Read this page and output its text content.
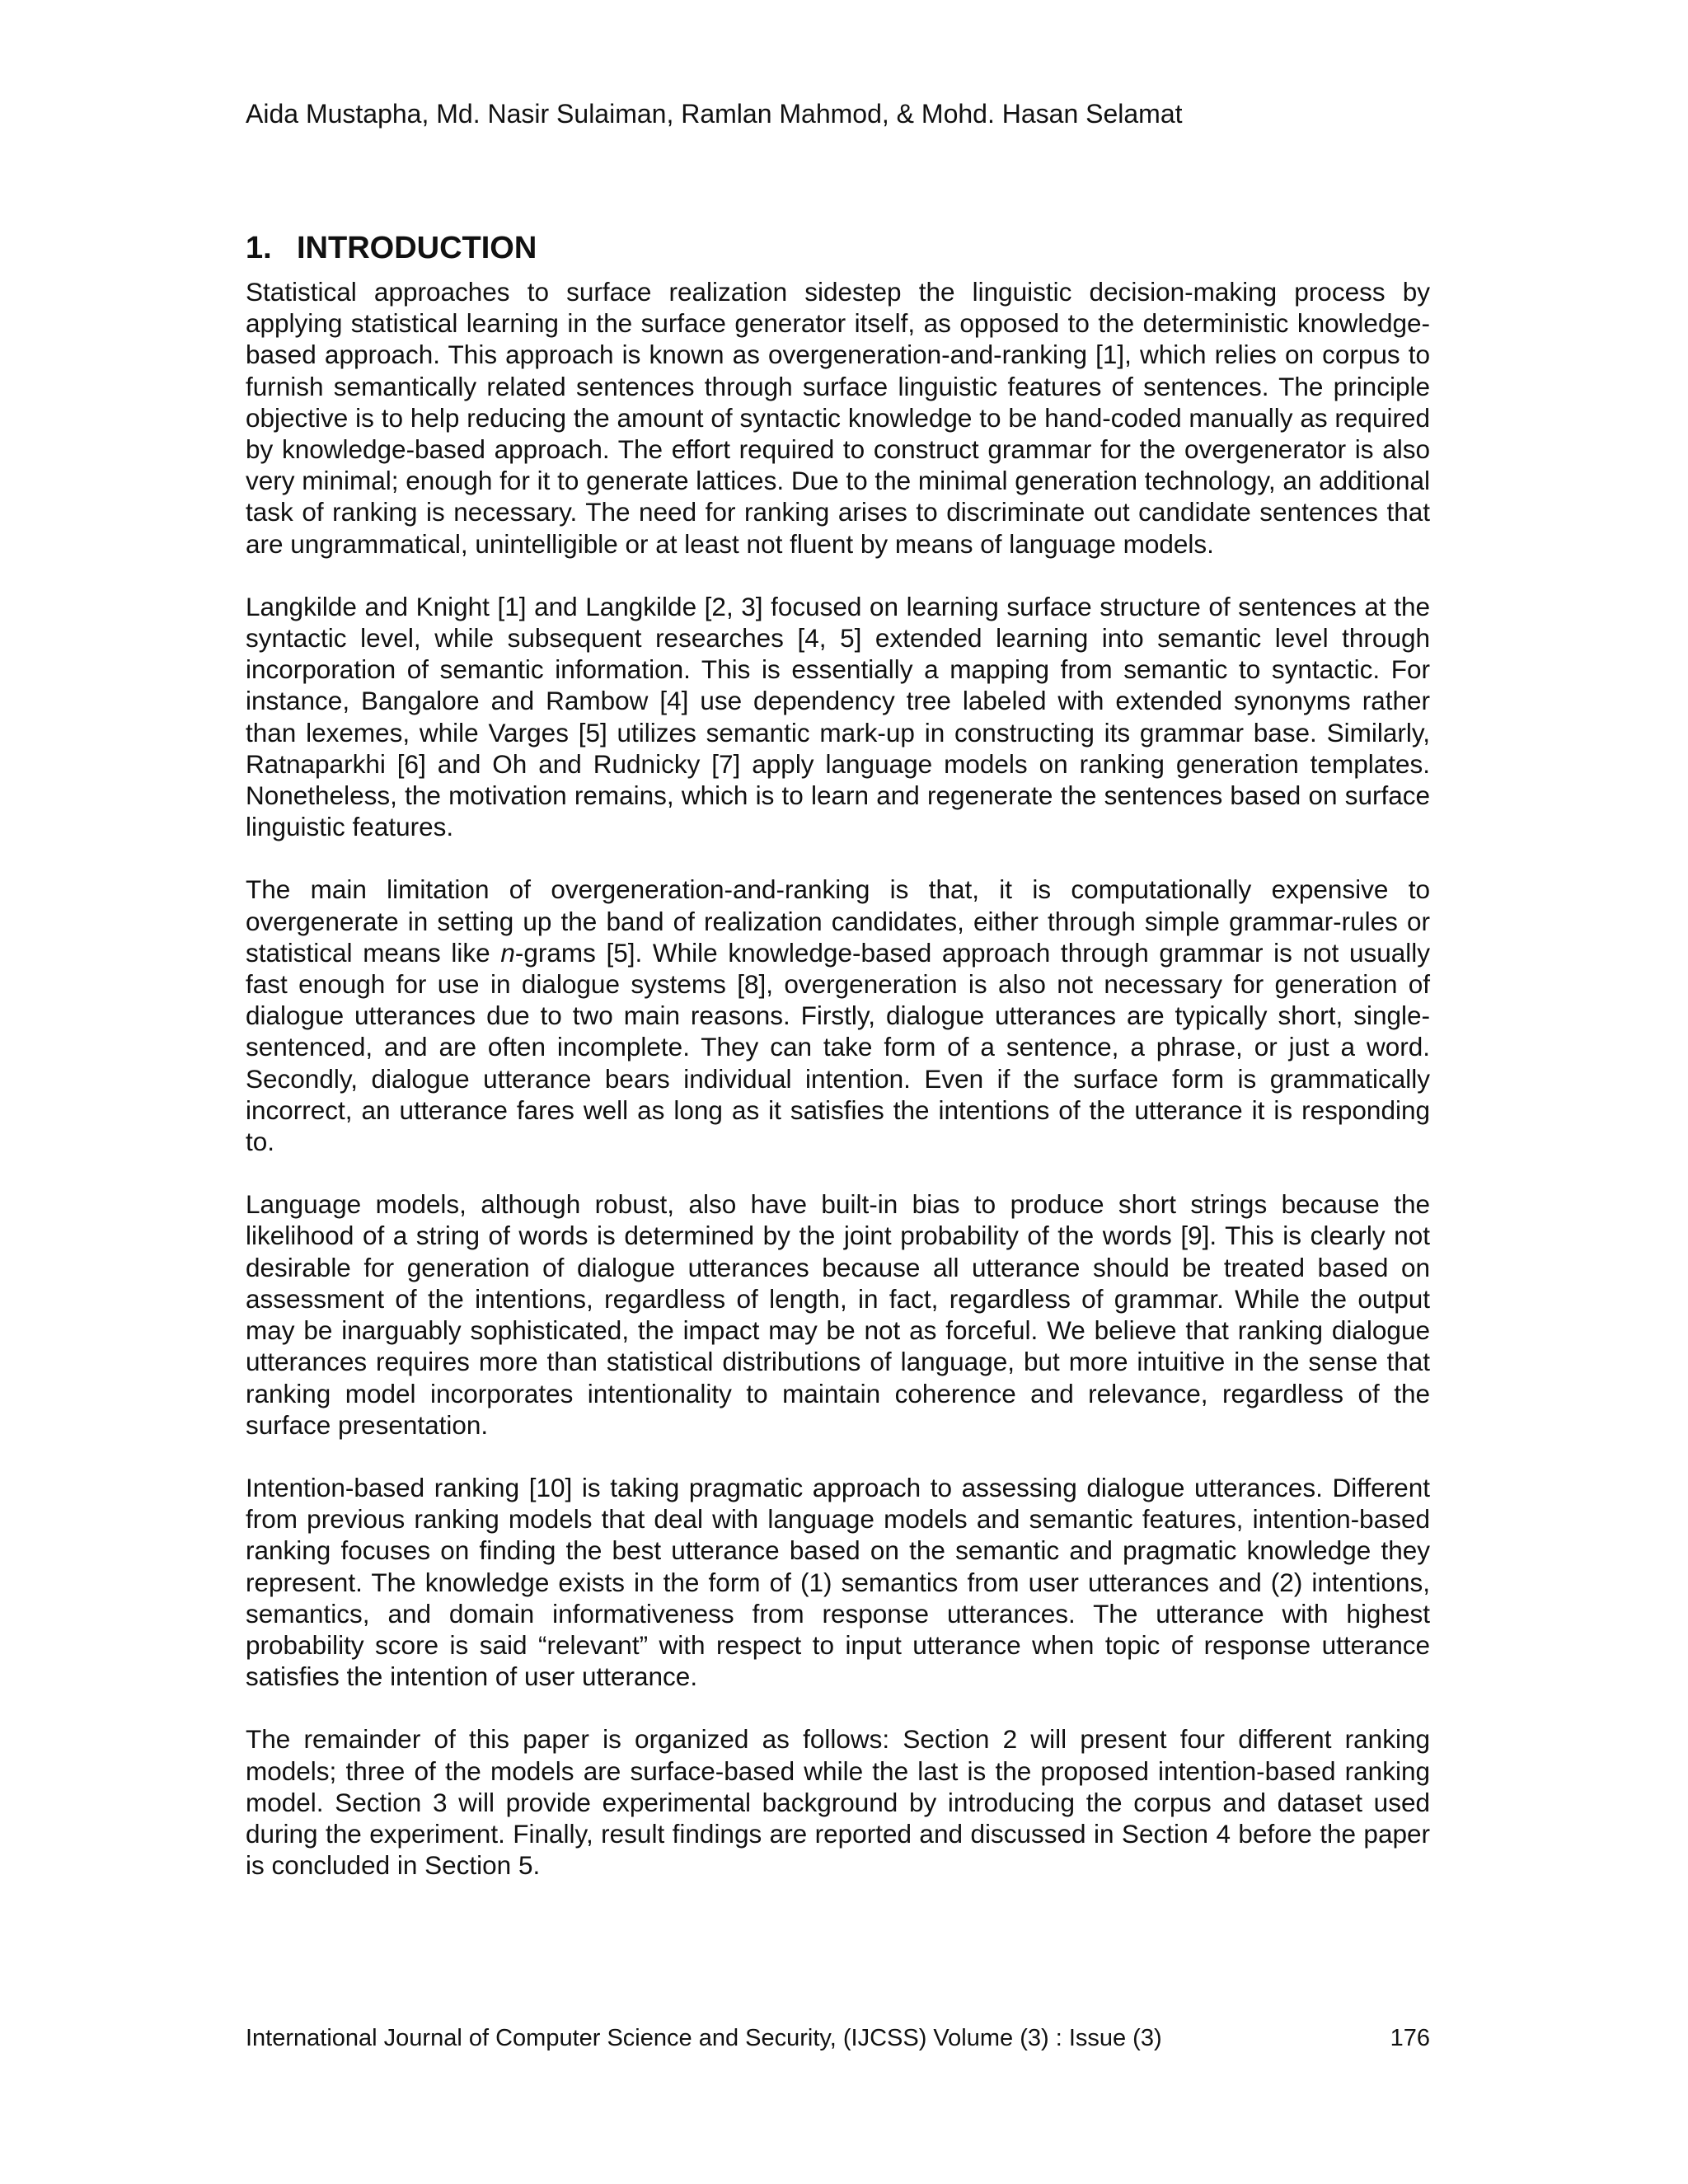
Aida Mustapha, Md. Nasir Sulaiman, Ramlan Mahmod, & Mohd. Hasan Selamat
1. INTRODUCTION

Statistical approaches to surface realization sidestep the linguistic decision-making process by applying statistical learning in the surface generator itself, as opposed to the deterministic knowledge-based approach. This approach is known as overgeneration-and-ranking [1], which relies on corpus to furnish semantically related sentences through surface linguistic features of sentences. The principle objective is to help reducing the amount of syntactic knowledge to be hand-coded manually as required by knowledge-based approach. The effort required to construct grammar for the overgenerator is also very minimal; enough for it to generate lattices. Due to the minimal generation technology, an additional task of ranking is necessary. The need for ranking arises to discriminate out candidate sentences that are ungrammatical, unintelligible or at least not fluent by means of language models.

Langkilde and Knight [1] and Langkilde [2, 3] focused on learning surface structure of sentences at the syntactic level, while subsequent researches [4, 5] extended learning into semantic level through incorporation of semantic information. This is essentially a mapping from semantic to syntactic. For instance, Bangalore and Rambow [4] use dependency tree labeled with extended synonyms rather than lexemes, while Varges [5] utilizes semantic mark-up in constructing its grammar base. Similarly, Ratnaparkhi [6] and Oh and Rudnicky [7] apply language models on ranking generation templates. Nonetheless, the motivation remains, which is to learn and regenerate the sentences based on surface linguistic features.

The main limitation of overgeneration-and-ranking is that, it is computationally expensive to overgenerate in setting up the band of realization candidates, either through simple grammar-rules or statistical means like n-grams [5]. While knowledge-based approach through grammar is not usually fast enough for use in dialogue systems [8], overgeneration is also not necessary for generation of dialogue utterances due to two main reasons. Firstly, dialogue utterances are typically short, single-sentenced, and are often incomplete. They can take form of a sentence, a phrase, or just a word. Secondly, dialogue utterance bears individual intention. Even if the surface form is grammatically incorrect, an utterance fares well as long as it satisfies the intentions of the utterance it is responding to.

Language models, although robust, also have built-in bias to produce short strings because the likelihood of a string of words is determined by the joint probability of the words [9]. This is clearly not desirable for generation of dialogue utterances because all utterance should be treated based on assessment of the intentions, regardless of length, in fact, regardless of grammar. While the output may be inarguably sophisticated, the impact may be not as forceful. We believe that ranking dialogue utterances requires more than statistical distributions of language, but more intuitive in the sense that ranking model incorporates intentionality to maintain coherence and relevance, regardless of the surface presentation.

Intention-based ranking [10] is taking pragmatic approach to assessing dialogue utterances. Different from previous ranking models that deal with language models and semantic features, intention-based ranking focuses on finding the best utterance based on the semantic and pragmatic knowledge they represent. The knowledge exists in the form of (1) semantics from user utterances and (2) intentions, semantics, and domain informativeness from response utterances. The utterance with highest probability score is said “relevant” with respect to input utterance when topic of response utterance satisfies the intention of user utterance.

The remainder of this paper is organized as follows: Section 2 will present four different ranking models; three of the models are surface-based while the last is the proposed intention-based ranking model. Section 3 will provide experimental background by introducing the corpus and dataset used during the experiment. Finally, result findings are reported and discussed in Section 4 before the paper is concluded in Section 5.

International Journal of Computer Science and Security, (IJCSS) Volume (3) : Issue (3)	176
